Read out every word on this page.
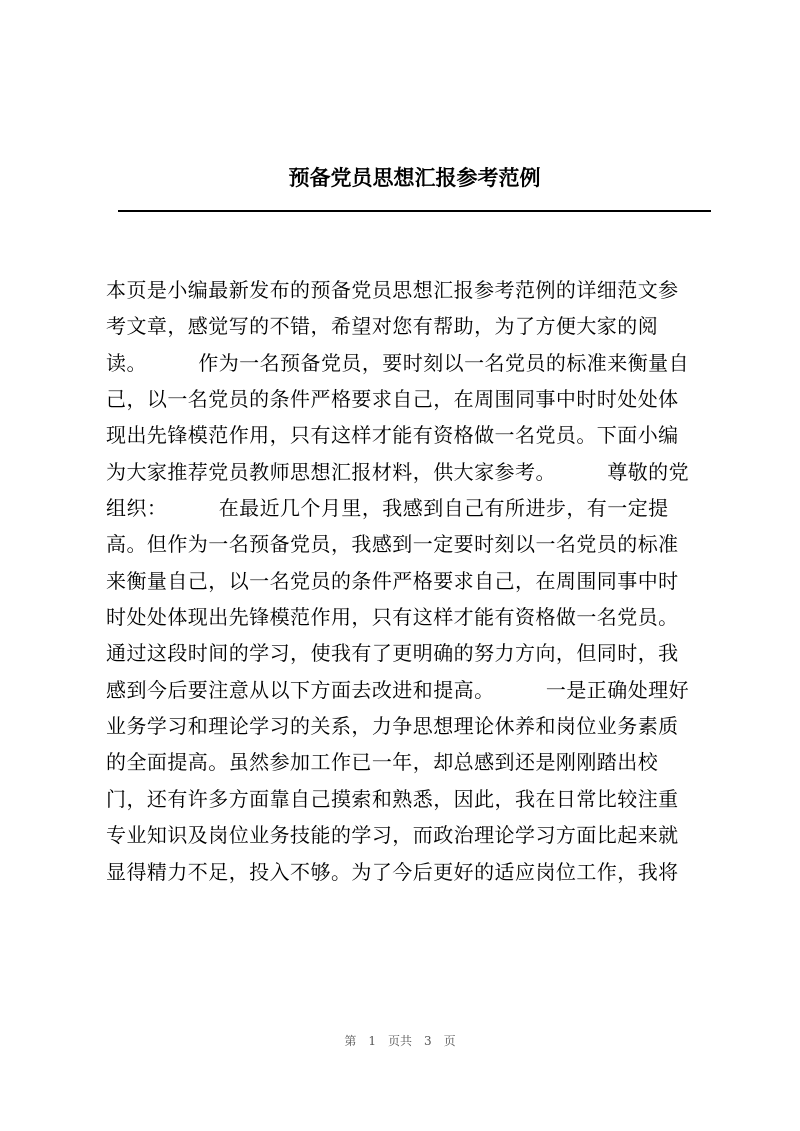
预备党员思想汇报参考范例
本页是小编最新发布的预备党员思想汇报参考范例的详细范文参
考文章，感觉写的不错，希望对您有帮助，为了方便大家的阅
读。　　　作为一名预备党员，要时刻以一名党员的标准来衡量自
己，以一名党员的条件严格要求自己，在周围同事中时时处处体
现出先锋模范作用，只有这样才能有资格做一名党员。下面小编
为大家推荐党员教师思想汇报材料，供大家参考。　　　尊敬的党
组织：　　　在最近几个月里，我感到自己有所进步，有一定提
高。但作为一名预备党员，我感到一定要时刻以一名党员的标准
来衡量自己，以一名党员的条件严格要求自己，在周围同事中时
时处处体现出先锋模范作用，只有这样才能有资格做一名党员。
通过这段时间的学习，使我有了更明确的努力方向，但同时，我
感到今后要注意从以下方面去改进和提高。　　　一是正确处理好
业务学习和理论学习的关系，力争思想理论休养和岗位业务素质
的全面提高。虽然参加工作已一年，却总感到还是刚刚踏出校
门，还有许多方面靠自己摸索和熟悉，因此，我在日常比较注重
专业知识及岗位业务技能的学习，而政治理论学习方面比起来就
显得精力不足，投入不够。为了今后更好的适应岗位工作，我将
第　1　页共　3　页
